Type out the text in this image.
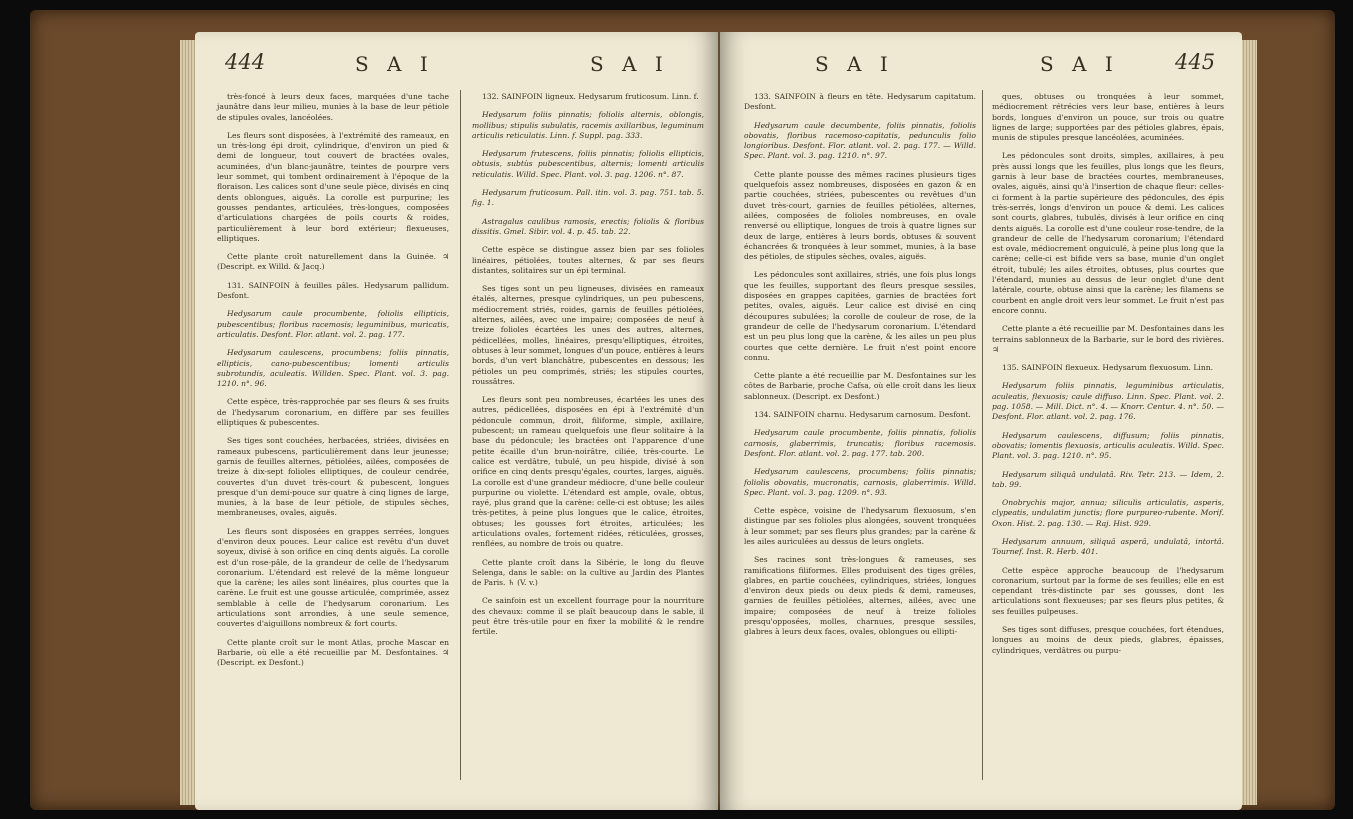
444	S A I	S A I

très-foncé à leurs deux faces, marquées d'une tache jaunâtre dans leur milieu, munies à la base de leur pétiole de stipules ovales, lancéolées.

Les fleurs sont disposées, à l'extrémité des rameaux, en un très-long épi droit, cylindrique, d'environ un pied & demi de longueur, tout couvert de bractées ovales, acuminées, d'un blanc-jaunâtre, teintes de pourpre vers leur sommet, qui tombent ordinairement à l'époque de la floraison. Les calices sont d'une seule pièce, divisés en cinq dents oblongues, aiguës. La corolle est purpurine; les gousses pendantes, articulées, très-longues, composées d'articulations chargées de poils courts & roides, particulièrement à leur bord extérieur; flexueuses, elliptiques.

Cette plante croît naturellement dans la Guinée. ♃ (Descript. ex Willd. & Jacq.)

131. SAINFOIN à feuilles pâles. Hedysarum pallidum. Desfont.

Hedysarum caule procumbente, foliolis ellipticis, pubescentibus; floribus racemosis; leguminibus, muricatis, articulatis. Desfont. Flor. atlant. vol. 2. pag. 177.

Hedysarum caulescens, procumbens; foliis pinnatis, ellipticis, cano-pubescentibus; lomenti articulis subrotundis, aculeatis. Willden. Spec. Plant. vol. 3. pag. 1210. n°. 96.

Cette espèce, très-rapprochée par ses fleurs & ses fruits de l'hedysarum coronarium, en diffère par ses feuilles elliptiques & pubescentes.

Ses tiges sont couchées, herbacées, striées, divisées en rameaux pubescens, particulièrement dans leur jeunesse; garnis de feuilles alternes, pétiolées, ailées, composées de treize à dix-sept folioles elliptiques, de couleur cendrée, couvertes d'un duvet très-court & pubescent, longues presque d'un demi-pouce sur quatre à cinq lignes de large, munies, à la base de leur pétiole, de stipules sèches, membraneuses, ovales, aiguës.

Les fleurs sont disposées en grappes serrées, longues d'environ deux pouces. Leur calice est revêtu d'un duvet soyeux, divisé à son orifice en cinq dents aiguës. La corolle est d'un rose-pâle, de la grandeur de celle de l'hedysarum coronarium. L'étendard est relevé de la même longueur que la carène; les ailes sont linéaires, plus courtes que la carène. Le fruit est une gousse articulée, comprimée, assez semblable à celle de l'hedysarum coronarium. Les articulations sont arrondies, à une seule semence, couvertes d'aiguillons nombreux & fort courts.

Cette plante croît sur le mont Atlas, proche Mascar en Barbarie, où elle a été recueillie par M. Desfontaines. ♃ (Descript. ex Desfont.)

132. SAINFOIN ligneux. Hedysarum fruticosum. Linn. f.

Hedysarum foliis pinnatis; foliolis alternis, oblongis, mollibus; stipulis subulatis, racemis axillaribus, leguminum articulis reticulatis. Linn. f. Suppl. pag. 333.

Hedysarum frutescens, foliis pinnatis; foliolis ellipticis, obtusis, subtùs pubescentibus, alternis; lomenti articulis reticulatis. Willd. Spec. Plant. vol. 3. pag. 1206. n°. 87.

Hedysarum fruticosum. Pall. itin. vol. 3. pag. 751. tab. 5. fig. 1.

Astragalus caulibus ramosis, erectis; foliolis & floribus dissitis. Gmel. Sibir. vol. 4. p. 45. tab. 22.

Cette espèce se distingue assez bien par ses folioles linéaires, pétiolées, toutes alternes, & par ses fleurs distantes, solitaires sur un épi terminal.

Ses tiges sont un peu ligneuses, divisées en rameaux étalés, alternes, presque cylindriques, un peu pubescens, médiocrement striés, roides, garnis de feuilles pétiolées, alternes, ailées, avec une impaire; composées de neuf à treize folioles écartées les unes des autres, alternes, pédicellées, molles, linéaires, presqu'elliptiques, étroites, obtuses à leur sommet, longues d'un pouce, entières à leurs bords, d'un vert blanchâtre, pubescentes en dessous; les pétioles un peu comprimés, striés; les stipules courtes, roussâtres.

Les fleurs sont peu nombreuses, écartées les unes des autres, pédicellées, disposées en épi à l'extrémité d'un pédoncule commun, droit, filiforme, simple, axillaire, pubescent; un rameau quelquefois une fleur solitaire à la base du pédoncule; les bractées ont l'apparence d'une petite écaille d'un brun-noirâtre, ciliée, très-courte. Le calice est verdâtre, tubulé, un peu hispide, divisé à son orifice en cinq dents presqu'égales, courtes, larges, aiguës. La corolle est d'une grandeur médiocre, d'une belle couleur purpurine ou violette. L'étendard est ample, ovale, obtus, rayé, plus grand que la carène: celle-ci est obtuse; les ailes très-petites, à peine plus longues que le calice, étroites, obtuses; les gousses fort étroites, articulées; les articulations ovales, fortement ridées, réticulées, grosses, renflées, au nombre de trois ou quatre.

Cette plante croît dans la Sibérie, le long du fleuve Selenga, dans le sable: on la cultive au Jardin des Plantes de Paris. ♄ (V. v.)

Ce sainfoin est un excellent fourrage pour la nourriture des chevaux: comme il se plaît beaucoup dans le sable, il peut être très-utile pour en fixer la mobilité & le rendre fertile.

S A I	S A I	445

133. SAINFOIN à fleurs en tête. Hedysarum capitatum. Desfont.

Hedysarum caule decumbente, foliis pinnatis, foliolis obovatis, floribus racemoso-capitatis, pedunculis folio longioribus. Desfont. Flor. atlant. vol. 2. pag. 177. — Willd. Spec. Plant. vol. 3. pag. 1210. n°. 97.

Cette plante pousse des mêmes racines plusieurs tiges quelquefois assez nombreuses, disposées en gazon & en partie couchées, striées, pubescentes ou revêtues d'un duvet très-court, garnies de feuilles pétiolées, alternes, ailées, composées de folioles nombreuses, en ovale renversé ou elliptique, longues de trois à quatre lignes sur deux de large, entières à leurs bords, obtuses & souvent échancrées & tronquées à leur sommet, munies, à la base des pétioles, de stipules sèches, ovales, aiguës.

Les pédoncules sont axillaires, striés, une fois plus longs que les feuilles, supportant des fleurs presque sessiles, disposées en grappes capitées, garnies de bractées fort petites, ovales, aiguës. Leur calice est divisé en cinq découpures subulées; la corolle de couleur de rose, de la grandeur de celle de l'hedysarum coronarium. L'étendard est un peu plus long que la carène, & les ailes un peu plus courtes que cette dernière. Le fruit n'est point encore connu.

Cette plante a été recueillie par M. Desfontaines sur les côtes de Barbarie, proche Cafsa, où elle croît dans les lieux sablonneux. (Descript. ex Desfont.)

134. SAINFOIN charnu. Hedysarum carnosum. Desfont.

Hedysarum caule procumbente, foliis pinnatis, foliolis carnosis, glaberrimis, truncatis; floribus racemosis. Desfont. Flor. atlant. vol. 2. pag. 177. tab. 200.

Hedysarum caulescens, procumbens; foliis pinnatis; foliolis obovatis, mucronatis, carnosis, glaberrimis. Willd. Spec. Plant. vol. 3. pag. 1209. n°. 93.

Cette espèce, voisine de l'hedysarum flexuosum, s'en distingue par ses folioles plus alongées, souvent tronquées à leur sommet; par ses fleurs plus grandes; par la carène & les ailes auriculées au dessus de leurs onglets.

Ses racines sont très-longues & rameuses, ses ramifications filiformes. Elles produisent des tiges grêles, glabres, en partie couchées, cylindriques, striées, longues d'environ deux pieds ou deux pieds & demi, rameuses, garnies de feuilles pétiolées, alternes, ailées, avec une impaire; composées de neuf à treize folioles presqu'opposées, molles, charnues, presque sessiles, glabres à leurs deux faces, ovales, oblongues ou ellipti-

ques, obtuses ou tronquées à leur sommet, médiocrement rétrécies vers leur base, entières à leurs bords, longues d'environ un pouce, sur trois ou quatre lignes de large; supportées par des pétioles glabres, épais, munis de stipules presque lancéolées, acuminées.

Les pédoncules sont droits, simples, axillaires, à peu près aussi longs que les feuilles, plus longs que les fleurs, garnis à leur base de bractées courtes, membraneuses, ovales, aiguës, ainsi qu'à l'insertion de chaque fleur: celles-ci forment à la partie supérieure des pédoncules, des épis très-serrés, longs d'environ un pouce & demi. Les calices sont courts, glabres, tubulés, divisés à leur orifice en cinq dents aiguës. La corolle est d'une couleur rose-tendre, de la grandeur de celle de l'hedysarum coronarium; l'étendard est ovale, médiocrement onguiculé, à peine plus long que la carène; celle-ci est bifide vers sa base, munie d'un onglet étroit, tubulé; les ailes étroites, obtuses, plus courtes que l'étendard, munies au dessus de leur onglet d'une dent latérale, courte, obtuse ainsi que la carène; les filamens se courbent en angle droit vers leur sommet. Le fruit n'est pas encore connu.

Cette plante a été recueillie par M. Desfontaines dans les terrains sablonneux de la Barbarie, sur le bord des rivières. ♃

135. SAINFOIN flexueux. Hedysarum flexuosum. Linn.

Hedysarum foliis pinnatis, leguminibus articulatis, aculeatis, flexuosis; caule diffuso. Linn. Spec. Plant. vol. 2. pag. 1058. — Mill. Dict. n°. 4. — Knorr. Centur. 4. n°. 50. — Desfont. Flor. atlant. vol. 2. pag. 176.

Hedysarum caulescens, diffusum; foliis pinnatis, obovatis; lomentis flexuosis, articulis aculeatis. Willd. Spec. Plant. vol. 3. pag. 1210. n°. 95.

Hedysarum siliquâ undulatâ. Riv. Tetr. 213. — Idem, 2. tab. 99.

Onobrychis major, annua; siliculis articulatis, asperis, clypeatis, undulatim junctis; flore purpureo-rubente. Morif. Oxon. Hist. 2. pag. 130. — Raj. Hist. 929.

Hedysarum annuum, siliquâ asperâ, undulatâ, intortâ. Tournef. Inst. R. Herb. 401.

Cette espèce approche beaucoup de l'hedysarum coronarium, surtout par la forme de ses feuilles; elle en est cependant très-distincte par ses gousses, dont les articulations sont flexueuses; par ses fleurs plus petites, & ses feuilles pulpeuses.

Ses tiges sont diffuses, presque couchées, fort étendues, longues au moins de deux pieds, glabres, épaisses, cylindriques, verdâtres ou purpu-
